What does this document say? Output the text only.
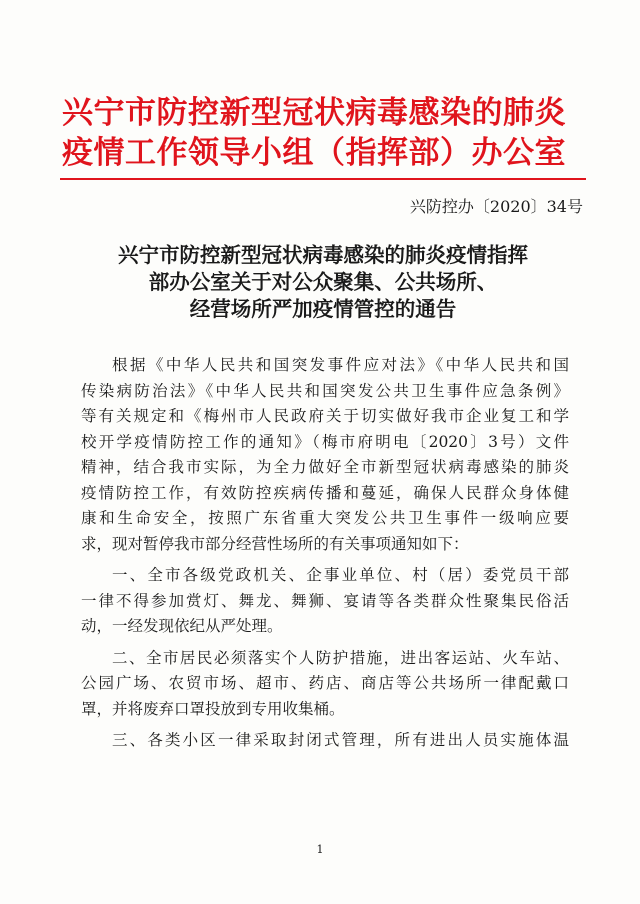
兴宁市防控新型冠状病毒感染的肺炎
疫情工作领导小组（指挥部）办公室
兴防控办〔2020〕34号
兴宁市防控新型冠状病毒感染的肺炎疫情指挥
部办公室关于对公众聚集、公共场所、
经营场所严加疫情管控的通告
根据《中华人民共和国突发事件应对法》《中华人民共和国
传染病防治法》《中华人民共和国突发公共卫生事件应急条例》
等有关规定和《梅州市人民政府关于切实做好我市企业复工和学
校开学疫情防控工作的通知》（梅市府明电〔2020〕3号）文件
精神，结合我市实际，为全力做好全市新型冠状病毒感染的肺炎
疫情防控工作，有效防控疾病传播和蔓延，确保人民群众身体健
康和生命安全，按照广东省重大突发公共卫生事件一级响应要
求，现对暂停我市部分经营性场所的有关事项通知如下：
一、全市各级党政机关、企事业单位、村（居）委党员干部
一律不得参加赏灯、舞龙、舞狮、宴请等各类群众性聚集民俗活
动，一经发现依纪从严处理。
二、全市居民必须落实个人防护措施，进出客运站、火车站、
公园广场、农贸市场、超市、药店、商店等公共场所一律配戴口
罩，并将废弃口罩投放到专用收集桶。
三、各类小区一律采取封闭式管理，所有进出人员实施体温
1
